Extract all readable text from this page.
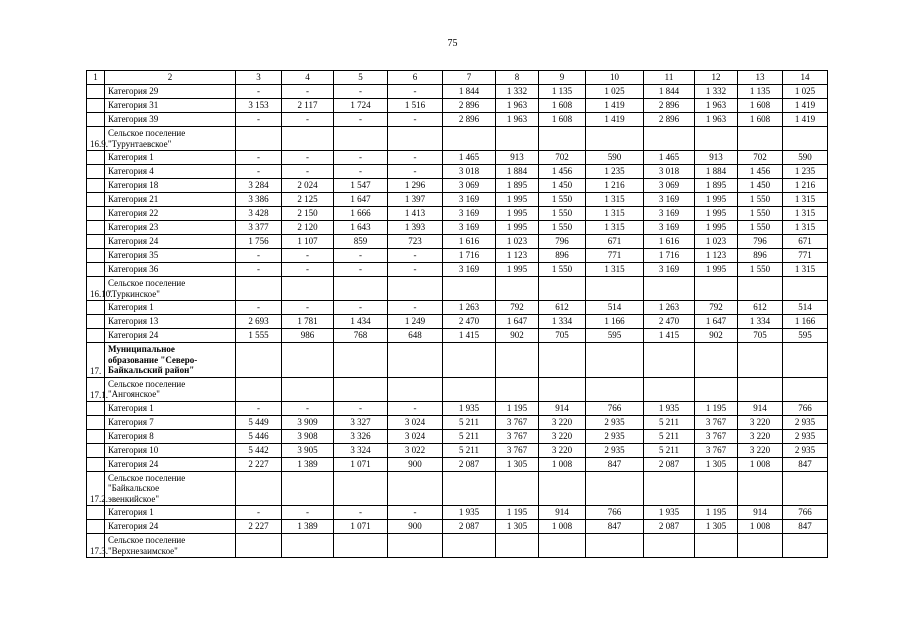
75
1	2	3	4	5	6	7	8	9	10	11	12	13	14
	Категория 29	-	-	-	-	1 844	1 332	1 135	1 025	1 844	1 332	1 135	1 025
	Категория 31	3 153	2 117	1 724	1 516	2 896	1 963	1 608	1 419	2 896	1 963	1 608	1 419
	Категория 39	-	-	-	-	2 896	1 963	1 608	1 419	2 896	1 963	1 608	1 419
16.9.	Сельское поселение
"Турунтаевское"												

	Категория 1	-	-	-	-	1 465	913	702	590	1 465	913	702	590
	Категория 4	-	-	-	-	3 018	1 884	1 456	1 235	3 018	1 884	1 456	1 235
	Категория 18	3 284	2 024	1 547	1 296	3 069	1 895	1 450	1 216	3 069	1 895	1 450	1 216
	Категория 21	3 386	2 125	1 647	1 397	3 169	1 995	1 550	1 315	3 169	1 995	1 550	1 315
	Категория 22	3 428	2 150	1 666	1 413	3 169	1 995	1 550	1 315	3 169	1 995	1 550	1 315
	Категория 23	3 377	2 120	1 643	1 393	3 169	1 995	1 550	1 315	3 169	1 995	1 550	1 315
	Категория 24	1 756	1 107	859	723	1 616	1 023	796	671	1 616	1 023	796	671
	Категория 35	-	-	-	-	1 716	1 123	896	771	1 716	1 123	896	771
	Категория 36	-	-	-	-	3 169	1 995	1 550	1 315	3 169	1 995	1 550	1 315
16.10.	Сельское поселение
"Туркинское"												

	Категория 1	-	-	-	-	1 263	792	612	514	1 263	792	612	514
	Категория 13	2 693	1 781	1 434	1 249	2 470	1 647	1 334	1 166	2 470	1 647	1 334	1 166
	Категория 24	1 555	986	768	648	1 415	902	705	595	1 415	902	705	595
17.	Муниципальное
образование "Северо-
Байкальский район"												

17.1.	Сельское поселение
"Ангоянское"												

	Категория 1	-	-	-	-	1 935	1 195	914	766	1 935	1 195	914	766
	Категория 7	5 449	3 909	3 327	3 024	5 211	3 767	3 220	2 935	5 211	3 767	3 220	2 935
	Категория 8	5 446	3 908	3 326	3 024	5 211	3 767	3 220	2 935	5 211	3 767	3 220	2 935
	Категория 10	5 442	3 905	3 324	3 022	5 211	3 767	3 220	2 935	5 211	3 767	3 220	2 935
	Категория 24	2 227	1 389	1 071	900	2 087	1 305	1 008	847	2 087	1 305	1 008	847
17.2.	Сельское поселение
"Байкальское
эвенкийское"												

	Категория 1	-	-	-	-	1 935	1 195	914	766	1 935	1 195	914	766
	Категория 24	2 227	1 389	1 071	900	2 087	1 305	1 008	847	2 087	1 305	1 008	847
17.3.	Сельское поселение
"Верхнезаимское"												
